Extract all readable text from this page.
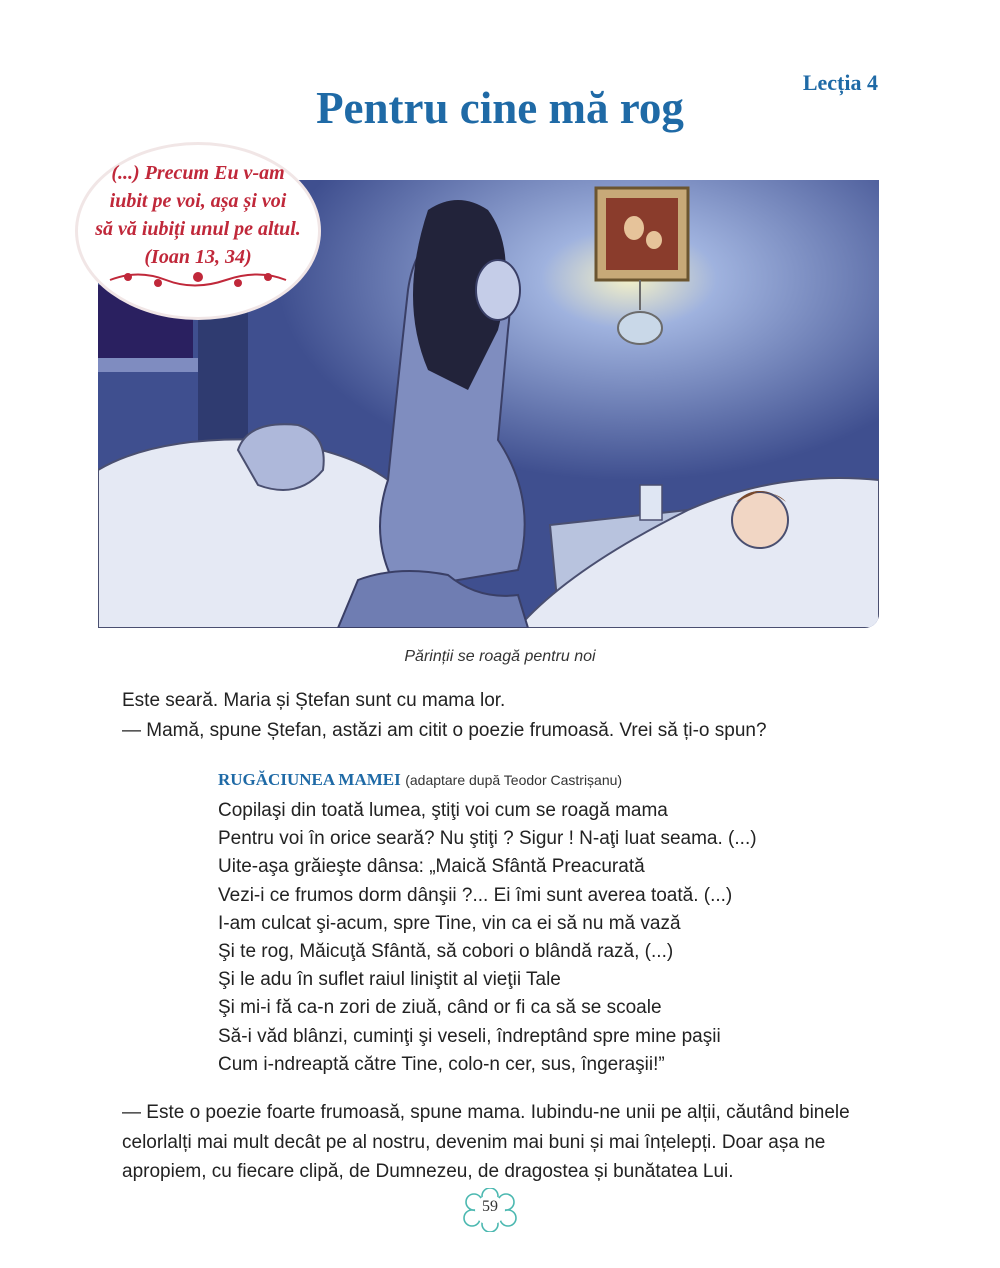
Lecția 4
Pentru cine mă rog
(...) Precum Eu v-am
iubit pe voi, așa și voi
să vă iubiți unul pe altul.
(Ioan 13, 34)
Părinții se roagă pentru noi
Este seară. Maria și Ștefan sunt cu mama lor.
— Mamă, spune Ștefan, astăzi am citit o poezie frumoasă. Vrei să ți-o spun?
RUGĂCIUNEA MAMEI (adaptare după Teodor Castrișanu)
Copilaşi din toată lumea, ştiţi voi cum se roagă mama
Pentru voi în orice seară? Nu ştiţi ? Sigur ! N-aţi luat seama. (...)
Uite-aşa grăieşte dânsa: „Maică Sfântă Preacurată
Vezi-i ce frumos dorm dânşii ?... Ei îmi sunt averea toată. (...)
I-am culcat şi-acum, spre Tine, vin ca ei să nu mă vază
Şi te rog, Măicuţă Sfântă, să cobori o blândă rază, (...)
Şi le adu în suflet raiul liniştit al vieţii Tale
Şi mi-i fă ca-n zori de ziuă, când or fi ca să se scoale
Să-i văd blânzi, cuminţi şi veseli, îndreptând spre mine paşii
Cum i-ndreaptă către Tine, colo-n cer, sus, îngeraşii!”

— Este o poezie foarte frumoasă, spune mama. Iubindu-ne unii pe alții, căutând binele celorlalți mai mult decât pe al nostru, devenim mai buni și mai înțelepți. Doar așa ne apropiem, cu fiecare clipă, de Dumnezeu, de dragostea și bunătatea Lui.

59
